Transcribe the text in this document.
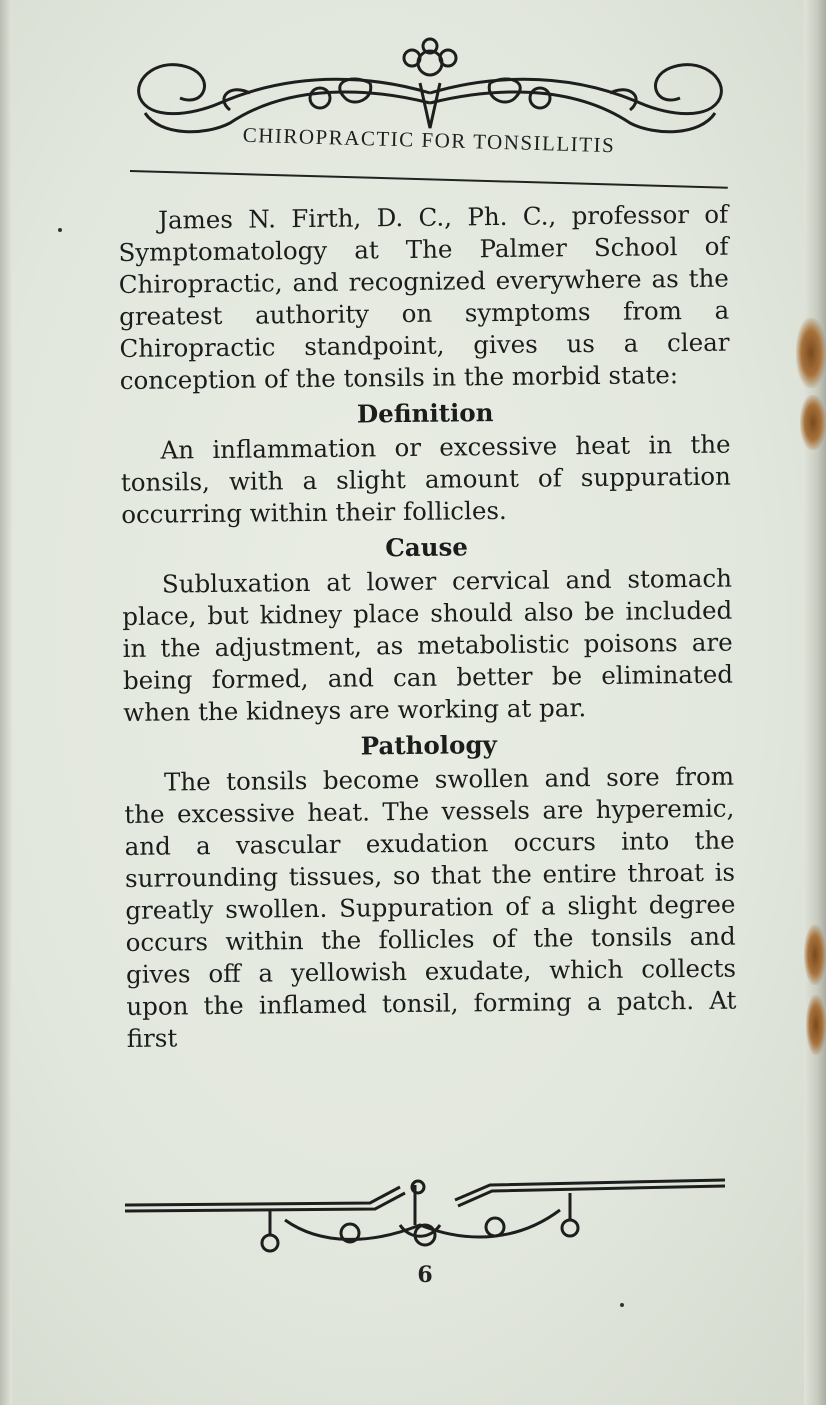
CHIROPRACTIC FOR TONSILLITIS

James N. Firth, D. C., Ph. C., professor of Symptomatology at The Palmer School of Chiropractic, and recognized everywhere as the greatest authority on symptoms from a Chiropractic standpoint, gives us a clear conception of the tonsils in the morbid state:

Definition

An inflammation or excessive heat in the tonsils, with a slight amount of suppuration occurring within their follicles.

Cause

Subluxation at lower cervical and stomach place, but kidney place should also be included in the adjustment, as metabolistic poisons are being formed, and can better be eliminated when the kidneys are working at par.

Pathology

The tonsils become swollen and sore from the excessive heat. The vessels are hyperemic, and a vascular exudation occurs into the surrounding tissues, so that the entire throat is greatly swollen. Suppuration of a slight degree occurs within the follicles of the tonsils and gives off a yellowish exudate, which collects upon the inflamed tonsil, forming a patch. At first

6
